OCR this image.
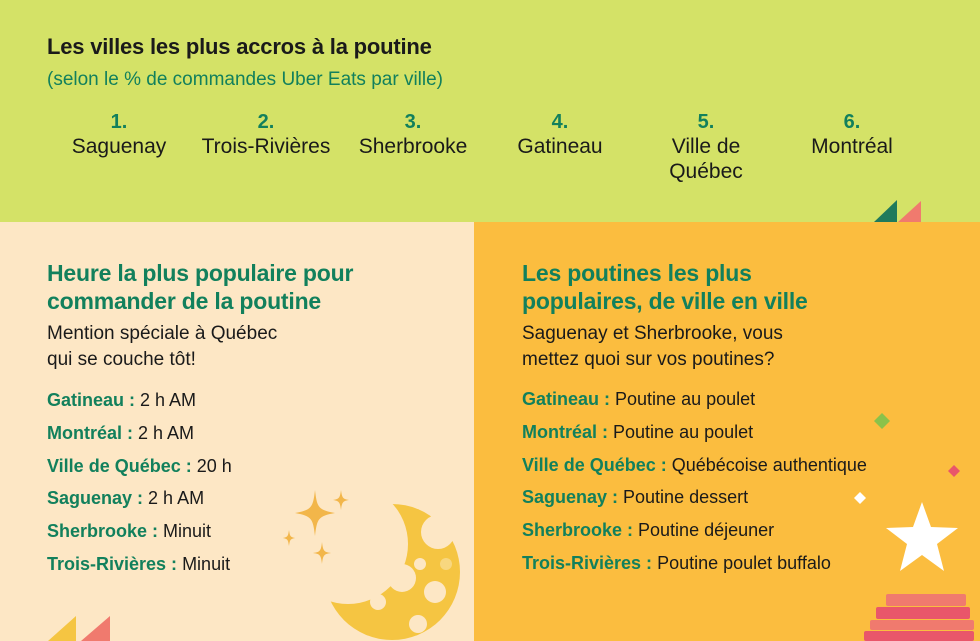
Les villes les plus accros à la poutine

(selon le % de commandes Uber Eats par ville)

1.
Saguenay
2.
Trois-Rivières
3.
Sherbrooke
4.
Gatineau
5.
Ville de Québec
6.
Montréal
Heure la plus populaire pour
commander de la poutine

Mention spéciale à Québec
qui se couche tôt!

Gatineau : 2 h AM
Montréal : 2 h AM
Ville de Québec : 20 h
Saguenay : 2 h AM
Sherbrooke : Minuit
Trois-Rivières : Minuit
Les poutines les plus
populaires, de ville en ville

Saguenay et Sherbrooke, vous
mettez quoi sur vos poutines?

Gatineau : Poutine au poulet
Montréal : Poutine au poulet
Ville de Québec : Québécoise authentique
Saguenay : Poutine dessert
Sherbrooke : Poutine déjeuner
Trois-Rivières : Poutine poulet buffalo
